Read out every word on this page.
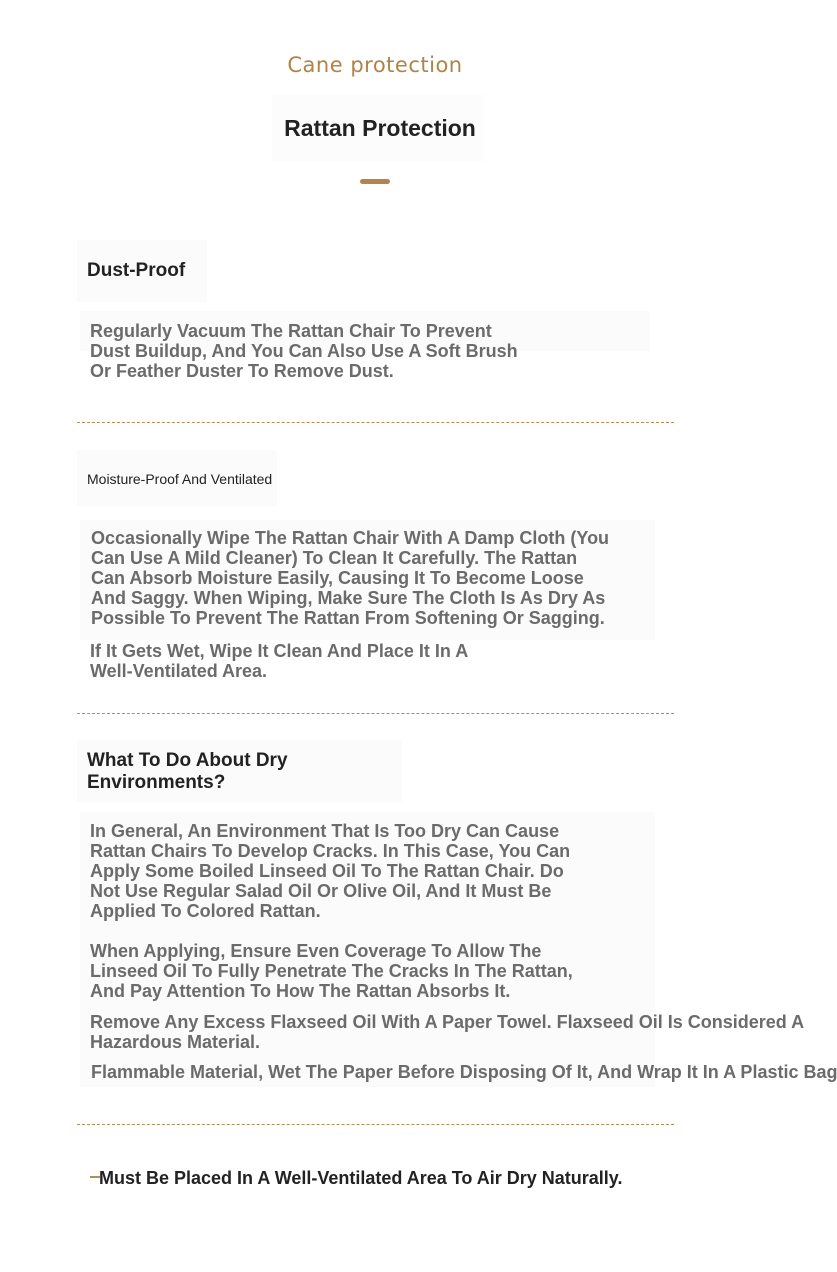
Cane protection
Rattan Protection
Dust-Proof
Regularly Vacuum The Rattan Chair To Prevent
Dust Buildup, And You Can Also Use A Soft Brush
Or Feather Duster To Remove Dust.
Moisture-Proof And Ventilated
Occasionally Wipe The Rattan Chair With A Damp Cloth (You
Can Use A Mild Cleaner) To Clean It Carefully. The Rattan
Can Absorb Moisture Easily, Causing It To Become Loose
And Saggy. When Wiping, Make Sure The Cloth Is As Dry As
Possible To Prevent The Rattan From Softening Or Sagging.
If It Gets Wet, Wipe It Clean And Place It In A
Well-Ventilated Area.
What To Do About Dry
Environments?
In General, An Environment That Is Too Dry Can Cause
Rattan Chairs To Develop Cracks. In This Case, You Can
Apply Some Boiled Linseed Oil To The Rattan Chair. Do
Not Use Regular Salad Oil Or Olive Oil, And It Must Be
Applied To Colored Rattan.
When Applying, Ensure Even Coverage To Allow The
Linseed Oil To Fully Penetrate The Cracks In The Rattan,
And Pay Attention To How The Rattan Absorbs It.
Remove Any Excess Flaxseed Oil With A Paper Towel. Flaxseed Oil Is Considered A
Hazardous Material.
Flammable Material, Wet The Paper Before Disposing Of It, And Wrap It In A Plastic Bag
Must Be Placed In A Well-Ventilated Area To Air Dry Naturally.
